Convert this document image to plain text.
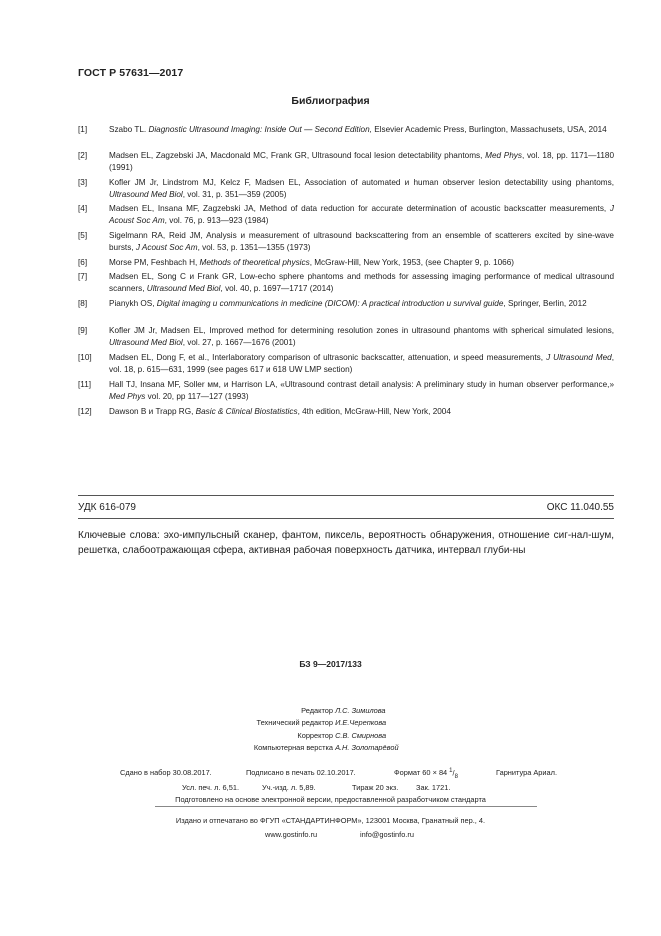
ГОСТ Р 57631—2017
Библиография
[1]	Szabo TL. Diagnostic Ultrasound Imaging: Inside Out — Second Edition, Elsevier Academic Press, Burlington, Massachusets, USA, 2014
[2]	Madsen EL, Zagzebski JA, Macdonald MC, Frank GR, Ultrasound focal lesion detectability phantoms, Med Phys, vol. 18, pp. 1171—1180 (1991)
[3]	Kofler JM Jr, Lindstrom MJ, Kelcz F, Madsen EL, Association of automated и human observer lesion detectability using phantoms, Ultrasound Med Biol, vol. 31, p. 351—359 (2005)
[4]	Madsen EL, Insana MF, Zagzebski JA, Method of data reduction for accurate determination of acoustic backscatter measurements, J Acoust Soc Am, vol. 76, p. 913—923 (1984)
[5]	Sigelmann RA, Reid JM, Analysis и measurement of ultrasound backscattering from an ensemble of scatterers excited by sine-wave bursts, J Acoust Soc Am, vol. 53, p. 1351—1355 (1973)
[6]	Morse PM, Feshbach H, Methods of theoretical physics, McGraw-Hill, New York, 1953, (see Chapter 9, p. 1066)
[7]	Madsen EL, Song C и Frank GR, Low-echo sphere phantoms and methods for assessing imaging performance of medical ultrasound scanners, Ultrasound Med Biol, vol. 40, p. 1697—1717 (2014)
[8]	Pianykh OS, Digital imaging и communications in medicine (DICOM): A practical introduction и survival guide, Springer, Berlin, 2012
[9]	Kofler JM Jr, Madsen EL, Improved method for determining resolution zones in ultrasound phantoms with spherical simulated lesions, Ultrasound Med Biol, vol. 27, p. 1667—1676 (2001)
[10] Madsen EL, Dong F, et al., Interlaboratory comparison of ultrasonic backscatter, attenuation, и speed measurements, J Ultrasound Med, vol. 18, p. 615—631, 1999 (see pages 617 и 618 UW LMP section)
[11] Hall TJ, Insana MF, Soller мм, и Harrison LA, «Ultrasound contrast detail analysis: A preliminary study in human observer performance,» Med Phys vol. 20, pp 117—127 (1993)
[12] Dawson B и Trapp RG, Basic & Clinical Biostatistics, 4th edition, McGraw-Hill, New York, 2004
УДК 616-079	ОКС 11.040.55
Ключевые слова: эхо-импульсный сканер, фантом, пиксель, вероятность обнаружения, отношение сиг-нал-шум, решетка, слабоотражающая сфера, активная рабочая поверхность датчика, интервал глуби-ны
БЗ 9—2017/133
Редактор Л.С. Зимилова
Технический редактор И.Е.Черепкова
Корректор С.В. Смирнова
Компьютерная верстка А.Н. Золотарёвой
Сдано в набор 30.08.2017.	Подписано в печать 02.10.2017.	Формат 60 × 84 $^1/_8$	Гарнитура Ариал.
Усл. печ. л. 6,51.	Уч.-изд. л. 5,89.	Тираж 20 экз. Зак. 1721.
Подготовлено на основе электронной версии, предоставленной разработчиком стандарта
Издано и отпечатано во ФГУП «СТАНДАРТИНФОРМ», 123001 Москва, Гранатный пер., 4.
www.gostinfo.ru	info@gostinfo.ru
